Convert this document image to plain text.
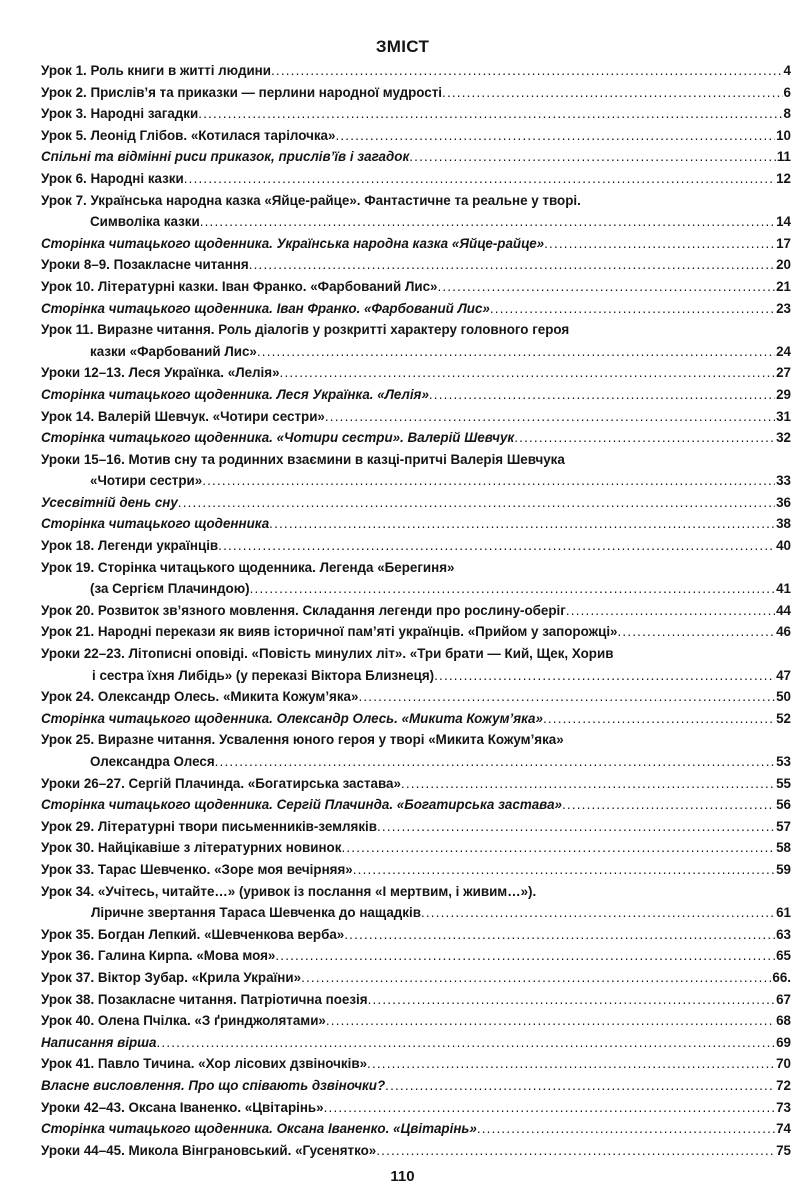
ЗМІСТ
Урок 1. Роль книги в житті людини .....	4
Урок 2. Прислів’я та приказки — перлини народної мудрості .....	6
Урок 3. Народні загадки .....	8
Урок 5. Леонід Глібов. «Котилася тарілочка» .....	10
Спільні та відмінні риси приказок, прислів’їв і загадок .....	11
Урок 6. Народні казки .....	12
Урок 7. Українська народна казка «Яйце-райце». Фантастичне та реальне у творі.
Символіка казки .....	14
Сторінка читацького щоденника. Українська народна казка «Яйце-райце» .....	17
Уроки 8–9. Позакласне читання .....	20
Урок 10. Літературні казки. Іван Франко. «Фарбований Лис» .....	21
Сторінка читацького щоденника. Іван Франко. «Фарбований Лис» .....	23
Урок 11. Виразне читання. Роль діалогів у розкритті характеру головного героя
казки «Фарбований Лис» .....	24
Уроки 12–13. Леся Українка. «Лелія» .....	27
Сторінка читацького щоденника. Леся Українка. «Лелія» .....	29
Урок 14. Валерій Шевчук. «Чотири сестри» .....	31
Сторінка читацького щоденника. «Чотири сестри». Валерій Шевчук .....	32
Уроки 15–16. Мотив сну та родинних взаємини в казці-притчі Валерія Шевчука
«Чотири сестри» .....	33
Усесвітній день сну .....	36
Сторінка читацького щоденника .....	38
Урок 18. Легенди українців .....	40
Урок 19. Сторінка читацького щоденника. Легенда «Берегиня»
(за Сергієм Плачиндою) .....	41
Урок 20. Розвиток зв’язного мовлення. Складання легенди про рослину-оберіг .....	44
Урок 21. Народні перекази як вияв історичної пам’яті українців. «Прийом у запорожці» .....	46
Уроки 22–23. Літописні оповіді. «Повість минулих літ». «Три брати — Кий, Щек, Хорив
і сестра їхня Либідь» (у переказі Віктора Близнеця) .....	47
Урок 24. Олександр Олесь. «Микита Кожум’яка» .....	50
Сторінка читацького щоденника. Олександр Олесь. «Микита Кожум’яка» .....	52
Урок 25. Виразне читання. Усвалення юного героя у творі «Микита Кожум’яка»
Олександра Олеся .....	53
Уроки 26–27. Сергій Плачинда. «Богатирська застава» .....	55
Сторінка читацького щоденника. Сергій Плачинда. «Богатирська застава» .....	56
Урок 29. Літературні твори письменників-земляків .....	57
Урок 30. Найцікавіше з літературних новинок .....	58
Урок 33. Тарас Шевченко. «Зоре моя вечірняя» .....	59
Урок 34. «Учітесь, читайте…» (уривок із послання «І мертвим, і живим…»).
Ліричне звертання Тараса Шевченка до нащадків .....	61
Урок 35. Богдан Лепкий. «Шевченкова верба» .....	63
Урок 36. Галина Кирпа. «Мова моя» .....	65
Урок 37. Віктор Зубар. «Крила України» .....	66.
Урок 38. Позакласне читання. Патріотична поезія .....	67
Урок 40. Олена Пчілка. «З ґринджолятами» .....	68
Написання вірша .....	69
Урок 41. Павло Тичина. «Хор лісових дзвіночків» .....	70
Власне висловлення. Про що співають дзвіночки? .....	72
Уроки 42–43. Оксана Іваненко. «Цвітарінь» .....	73
Сторінка читацького щоденника. Оксана Іваненко. «Цвітарінь» .....	74
Уроки 44–45. Микола Вінграновський. «Гусенятко» .....	75
110
